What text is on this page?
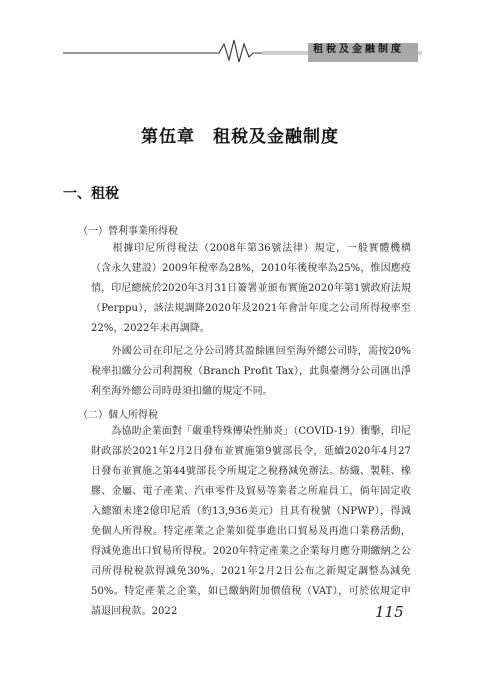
租稅及金融制度
第伍章　租稅及金融制度
一、租稅
（一）營利事業所得稅

　　根據印尼所得稅法（2008年第36號法律）規定，一般實體機構（含永久建設）2009年稅率為28%，2010年後稅率為25%，惟因應疫情，印尼總統於2020年3月31日簽署並頒布實施2020年第1號政府法規（Perppu），該法規調降2020年及2021年會計年度之公司所得稅率至22%，2022年未再調降。

　　外國公司在印尼之分公司將其盈餘匯回至海外總公司時，需按20%稅率扣繳分公司利潤稅（Branch Profit Tax），此與臺灣分公司匯出淨利至海外總公司時毋須扣繳的規定不同。

（二）個人所得稅

　　為協助企業面對「嚴重特殊傳染性肺炎」（COVID-19）衝擊，印尼財政部於2021年2月2日發布並實施第9號部長令，延續2020年4月27日發布並實施之第44號部長令所規定之稅務減免辦法。紡織、製鞋、橡膠、金屬、電子產業、汽車零件及貿易等業者之所雇員工，倘年固定收入總額未達2億印尼盾（約13,936美元）且具有稅號（NPWP），得減免個人所得稅。特定產業之企業如從事進出口貿易及再進口業務活動，得減免進出口貿易所得稅。2020年特定產業之企業每月應分期繳納之公司所得稅稅款得減免30%，2021年2月2日公布之新規定調整為減免50%。特定產業之企業，如已繳納附加價值稅（VAT），可於依規定申請退回稅款。2022	115
